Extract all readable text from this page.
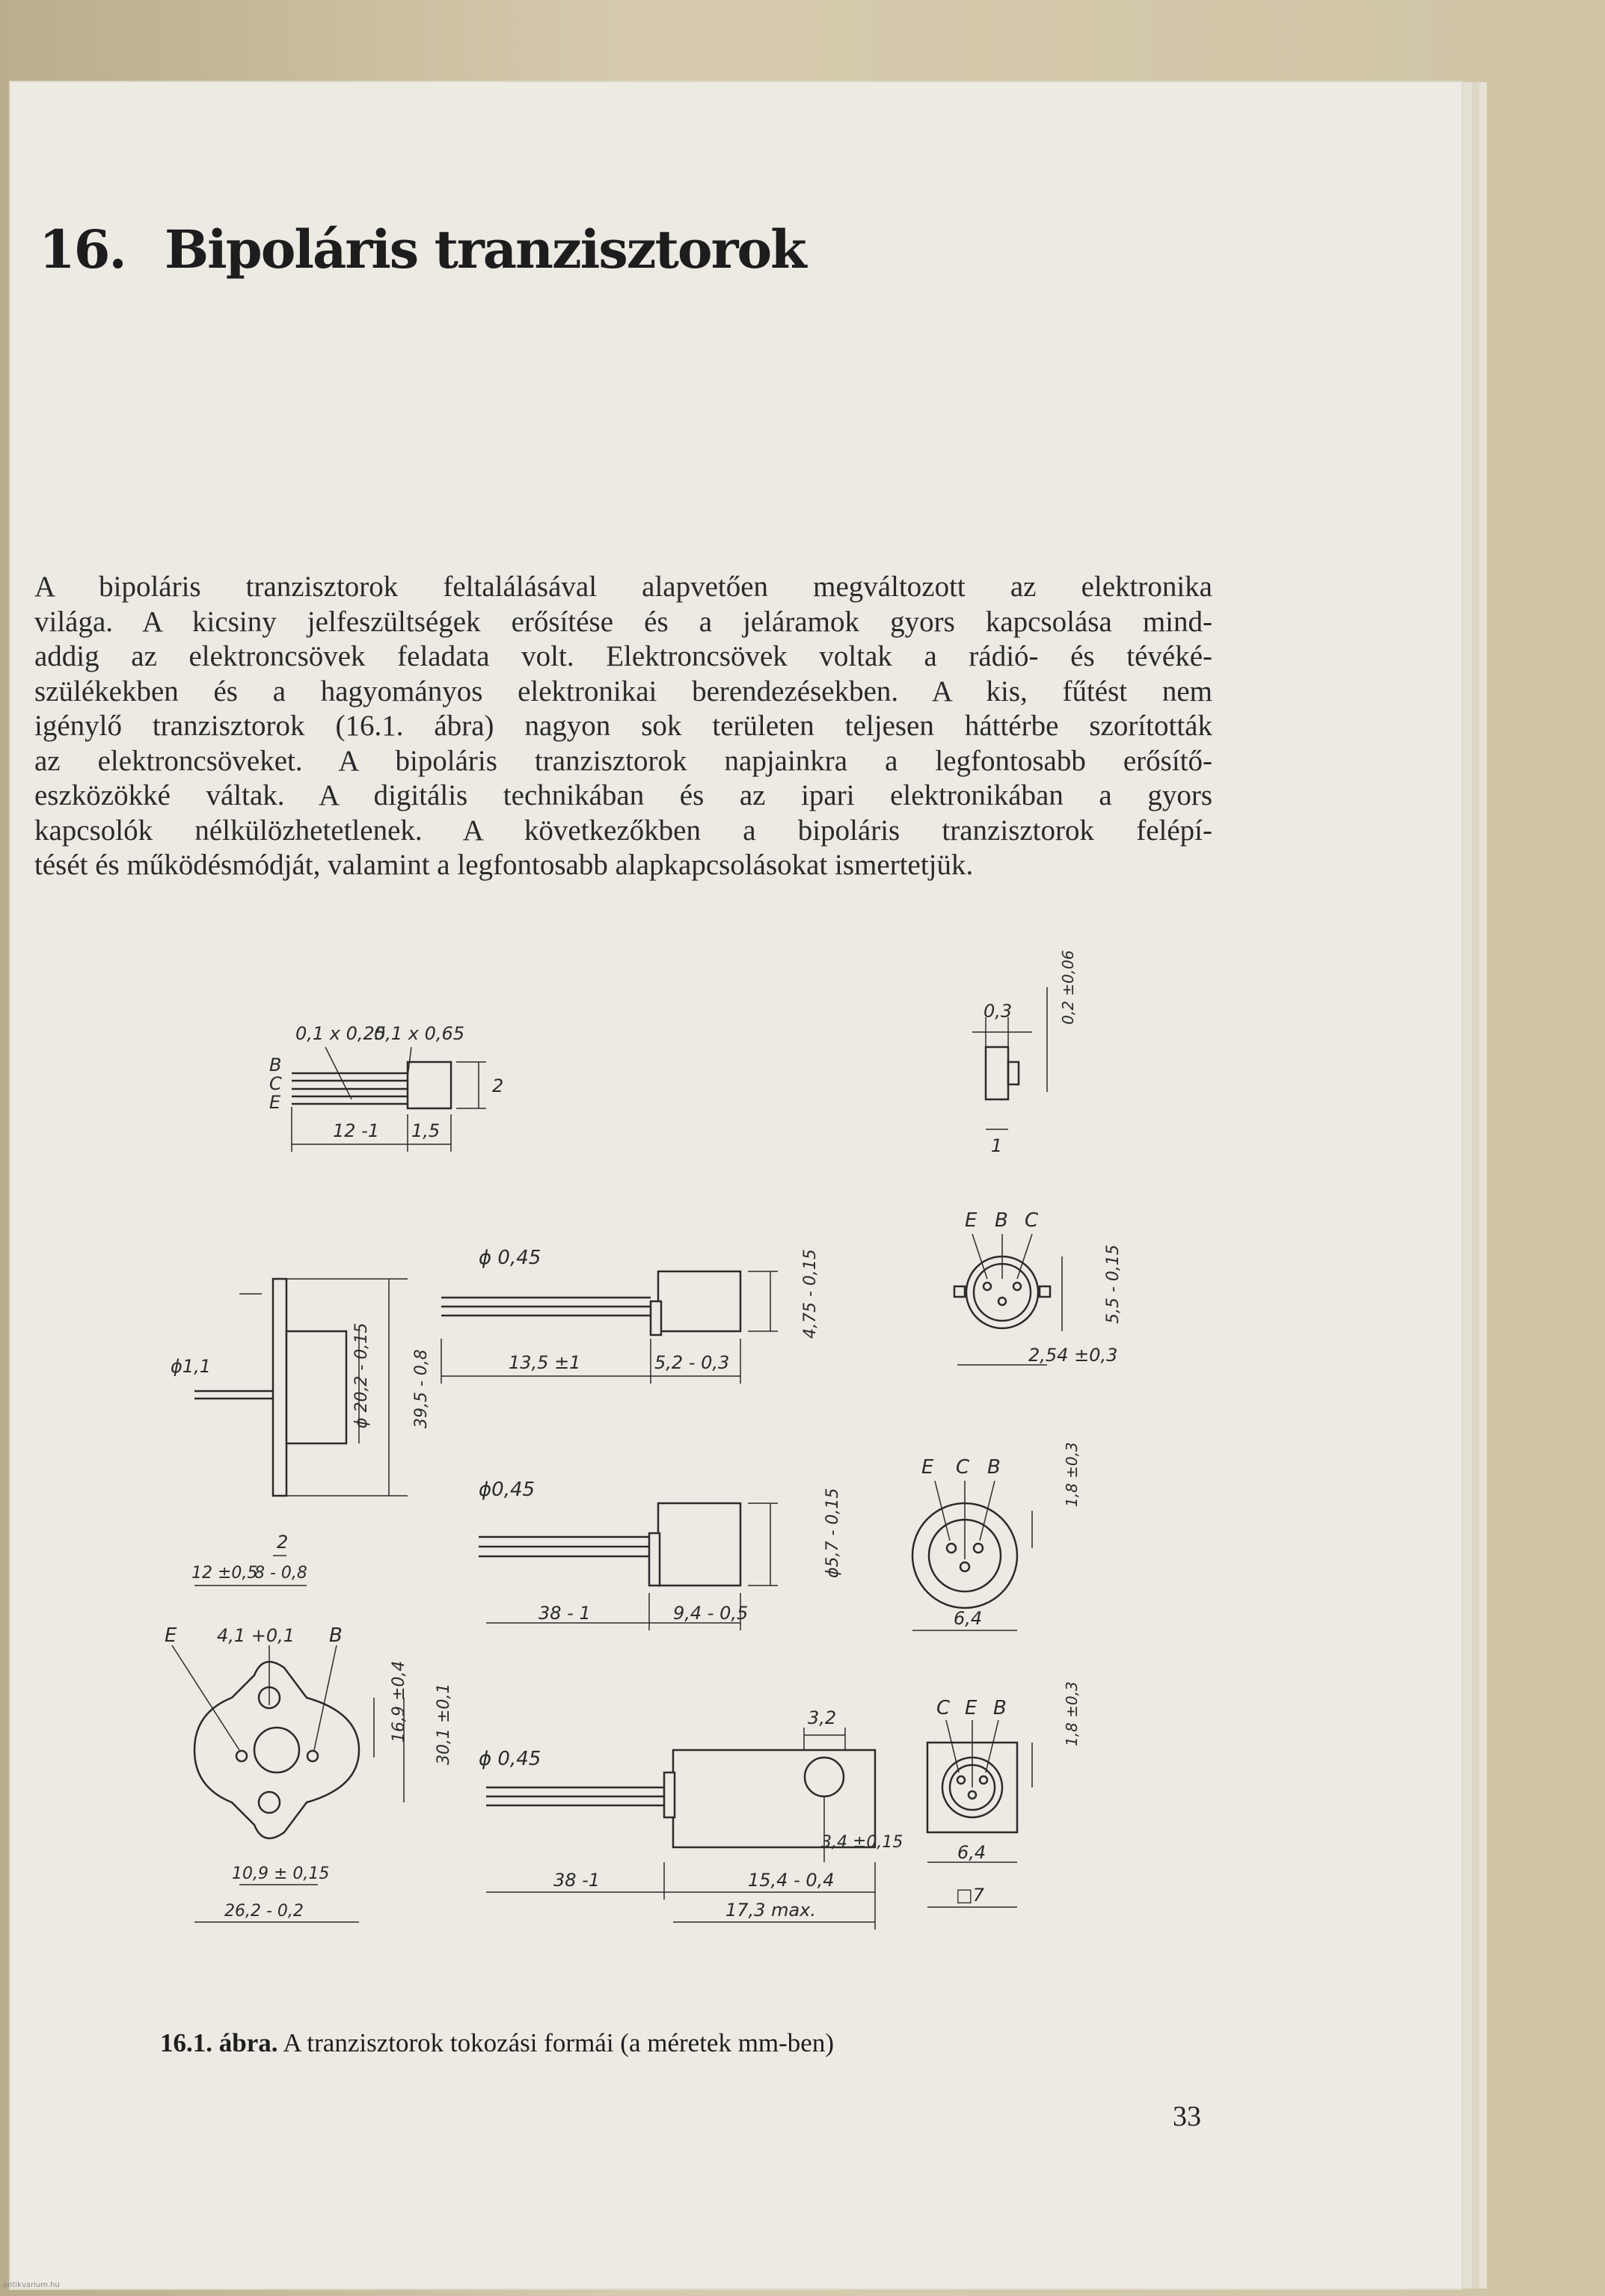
16. Bipoláris tranzisztorok
A bipoláris tranzisztorok feltalálásával alapvetően megváltozott az elektronika
világa. A kicsiny jelfeszültségek erősítése és a jeláramok gyors kapcsolása mind-
addig az elektroncsövek feladata volt. Elektroncsövek voltak a rádió- és tévéké-
szülékekben és a hagyományos elektronikai berendezésekben. A kis, fűtést nem
igénylő tranzisztorok (16.1. ábra) nagyon sok területen teljesen háttérbe szorították
az elektroncsöveket. A bipoláris tranzisztorok napjainkra a legfontosabb erősítő-
eszközökké váltak. A digitális technikában és az ipari elektronikában a gyors
kapcsolók nélkülözhetetlenek. A következőkben a bipoláris tranzisztorok felépí-
tését és működésmódját, valamint a legfontosabb alapkapcsolásokat ismertetjük.
0,1 x 0,25
0,1 x 0,65
B
C
E
2
12 -1 1,5
0,3	0,2 ±0,06
1
ϕ 0,45	4,75 - 0,15
13,5 ±1	5,2 - 0,3
E B C
5,5 - 0,15
2,54 ±0,3
ϕ1,1	ϕ 20,2 - 0,15	39,5 - 0,8
2
12 ±0,5
8 - 0,8
ϕ0,45	ϕ5,7 - 0,15
38 - 1	9,4 - 0,5
E C B	1,8 ±0,3
6,4
E	B
4,1 +0,1
16,9 ±0,4 30,1 ±0,1
10,9 ± 0,15
26,2 - 0,2
3,2
ϕ 0,45
38 -1	15,4 - 0,4
17,3 max.
3,4 ±0,15
C E B	1,8 ±0,3
6,4
□7
16.1. ábra. A tranzisztorok tokozási formái (a méretek mm-ben)
33
antikvarium.hu
